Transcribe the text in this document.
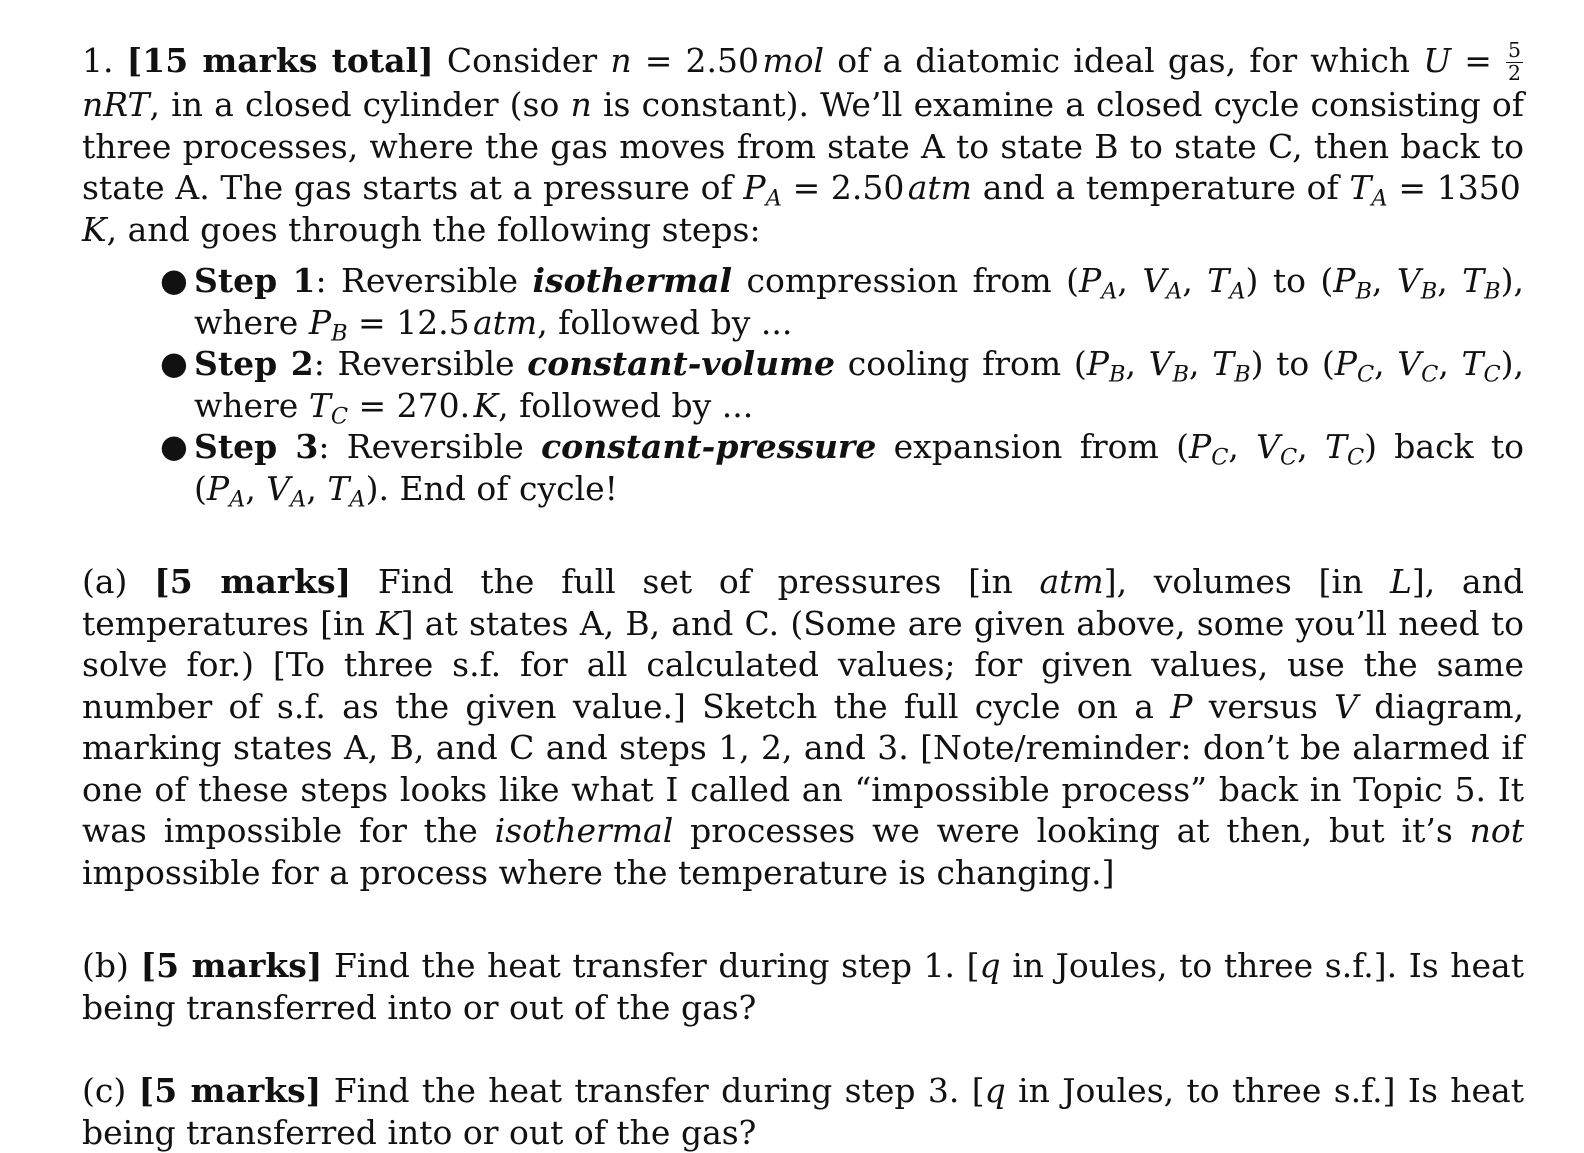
1. [15 marks total] Consider n = 2.50 mol of a diatomic ideal gas, for which $U = \frac{5}{2}$
nRT, in a closed cylinder (so n is constant). We’ll examine a closed cycle consisting of three processes, where the gas moves from state A to state B to state C, then back to state A. The gas starts at a pressure of $P_A = 2.50$ atm and a temperature of $T_A = 1350$ K, and goes through the following steps:
● Step 1: Reversible isothermal compression from ($P_A$, $V_A$, $T_A$) to ($P_B$, $V_B$, $T_B$), where $P_B = 12.5$ atm, followed by ...
● Step 2: Reversible constant-volume cooling from ($P_B$, $V_B$, $T_B$) to ($P_C$, $V_C$, $T_C$), where $T_C = 270$. K, followed by ...
● Step 3: Reversible constant-pressure expansion from ($P_C$, $V_C$, $T_C$) back to ($P_A$, $V_A$, $T_A$). End of cycle!
(a) [5 marks] Find the full set of pressures [in atm], volumes [in L], and temperatures [in K] at states A, B, and C. (Some are given above, some you’ll need to solve for.) [To three s.f. for all calculated values; for given values, use the same number of s.f. as the given value.] Sketch the full cycle on a P versus V diagram, marking states A, B, and C and steps 1, 2, and 3. [Note/reminder: don’t be alarmed if one of these steps looks like what I called an “impossible process” back in Topic 5. It was impossible for the isothermal processes we were looking at then, but it’s not impossible for a process where the temperature is changing.]
(b) [5 marks] Find the heat transfer during step 1. [q in Joules, to three s.f.]. Is heat being transferred into or out of the gas?
(c) [5 marks] Find the heat transfer during step 3. [q in Joules, to three s.f.] Is heat being transferred into or out of the gas?
